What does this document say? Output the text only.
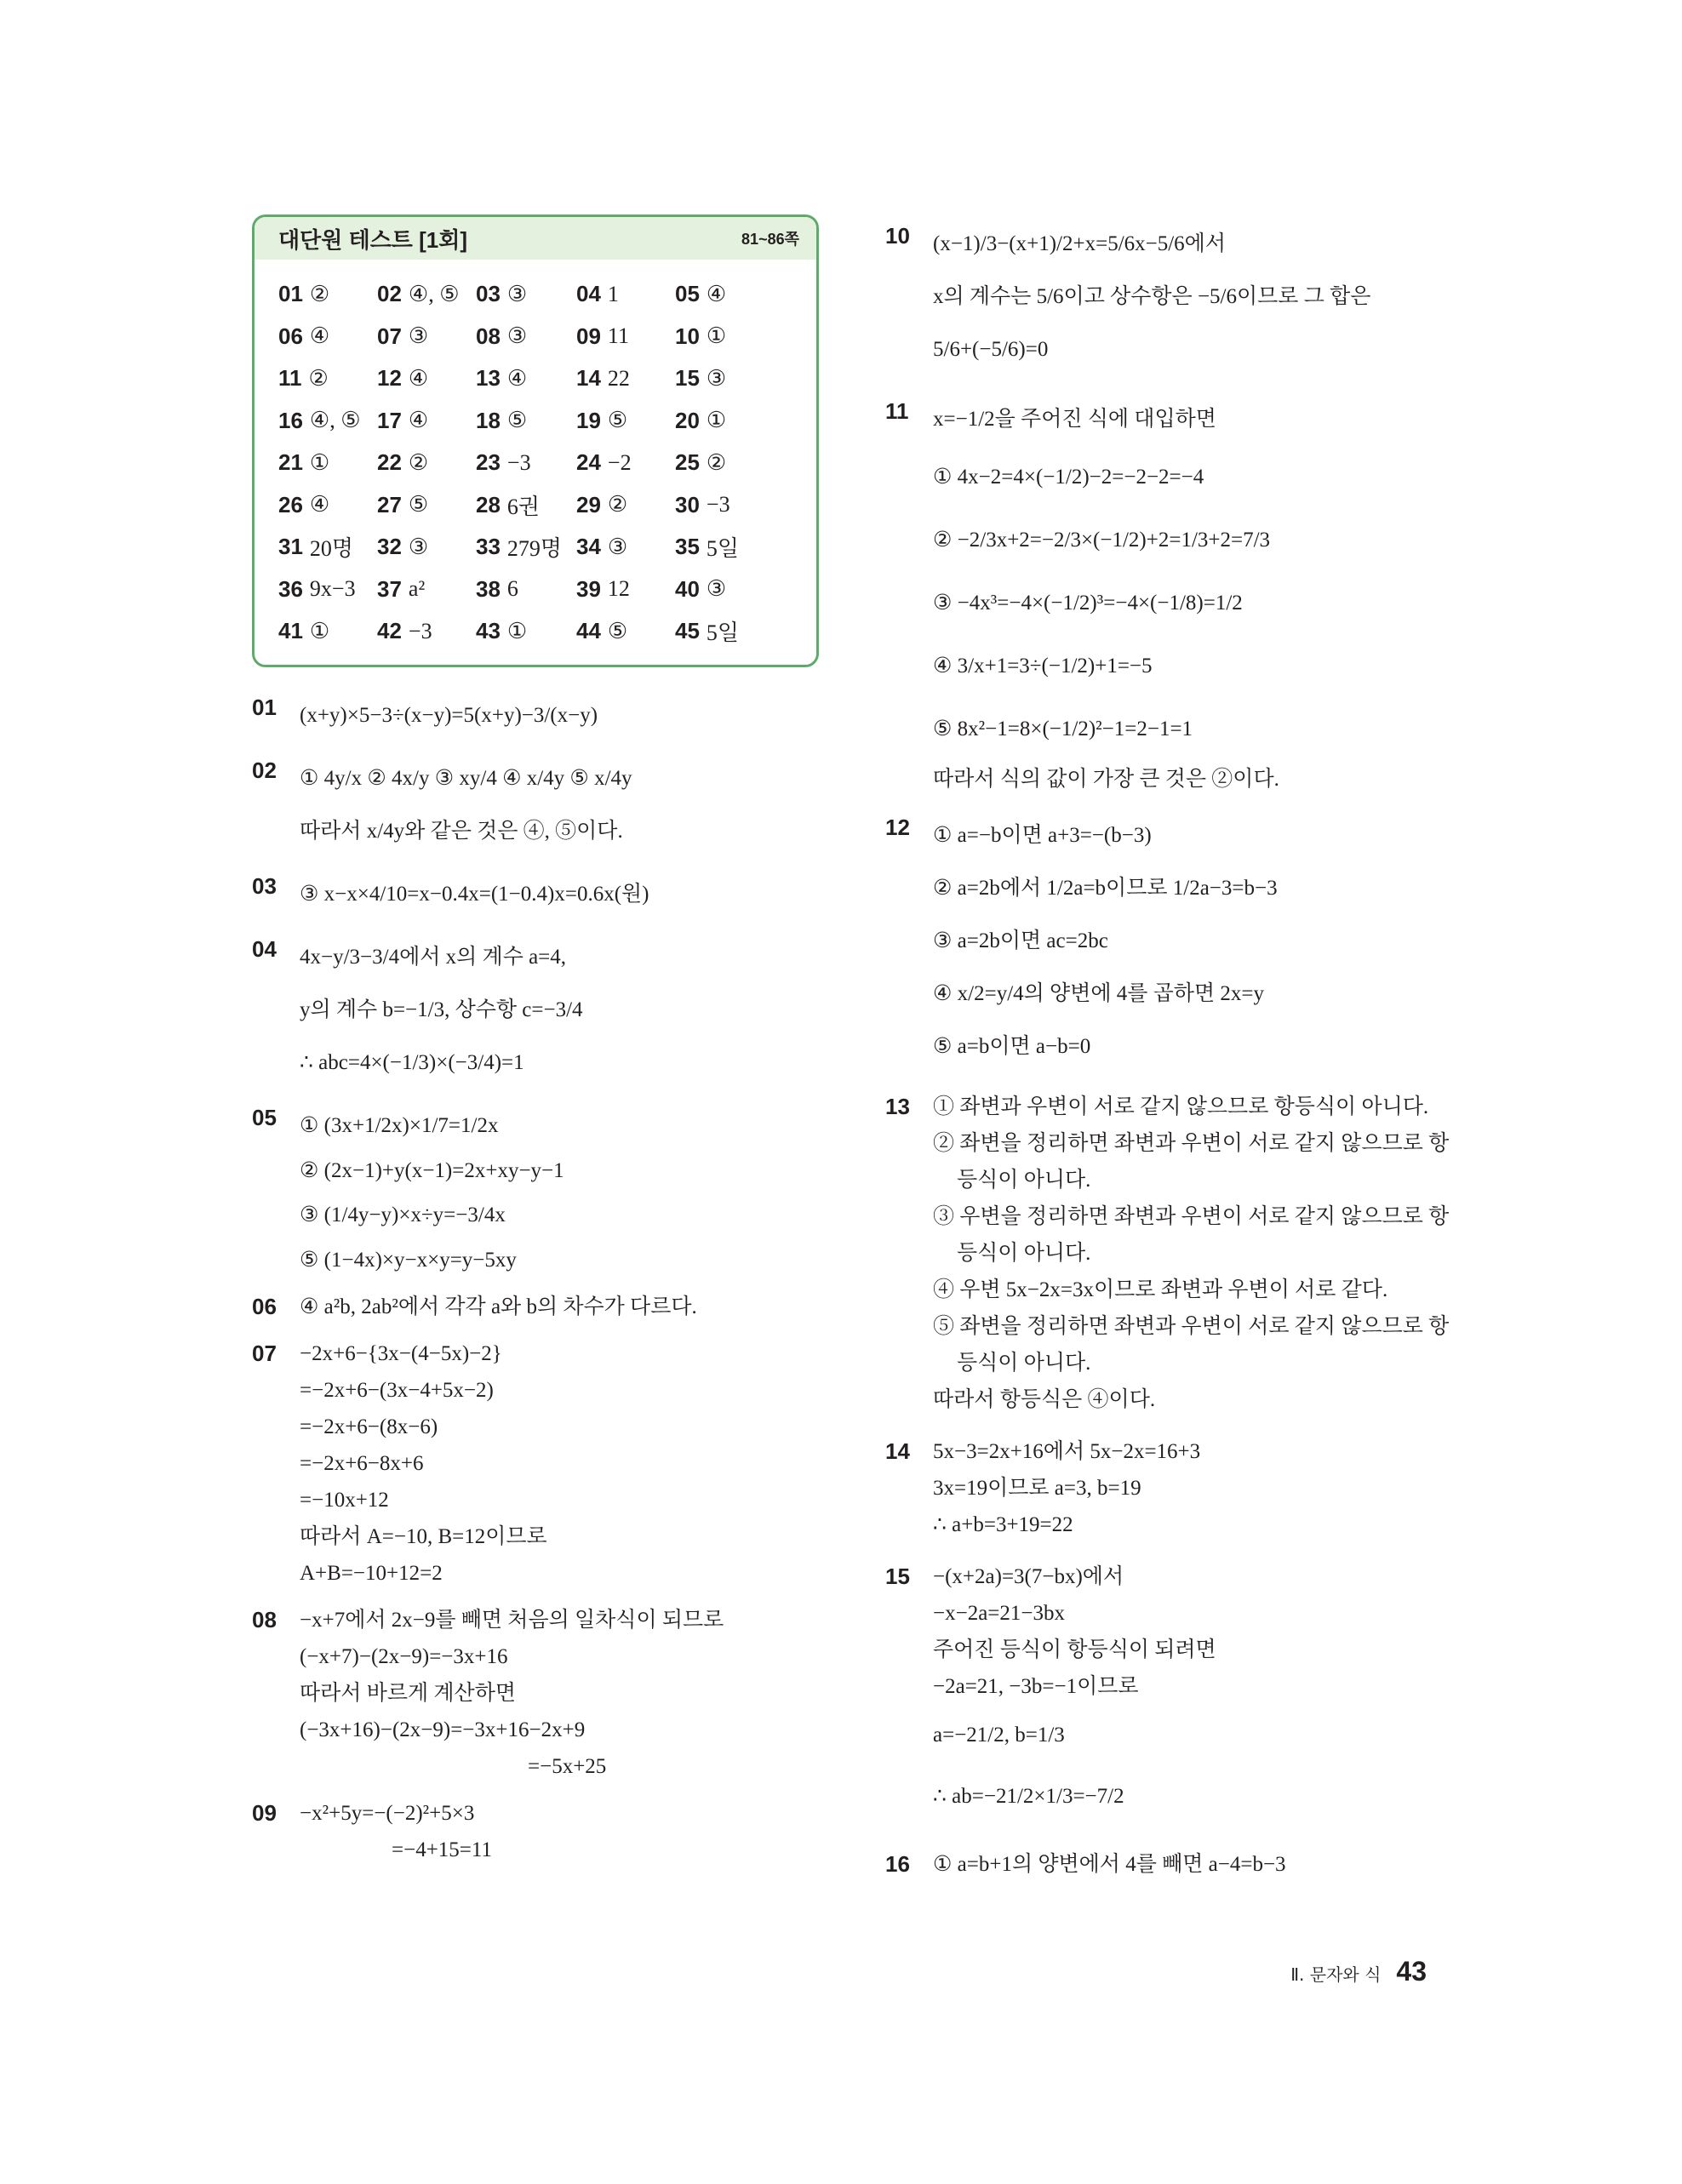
대단원 테스트 [1회]	81~86쪽
01 ② 02 ④, ⑤ 03 ③ 04 1	05 ④
06 ④ 07 ③ 08 ③ 09 11 10 ①
11 ② 12 ④ 13 ④ 14 22 15 ③
16 ④, ⑤ 17 ④ 18 ⑤ 19 ⑤ 20 ①
21 ① 22 ② 23 −3 24 −2 25 ②
26 ④ 27 ⑤ 28 6권 29 ② 30 −3
31 20명 32 ③ 33 279명 34 ③ 35 5일
36 9x−3 37 a² 38 6	39 12 40 ③
41 ① 42 −3 43 ① 44 ⑤ 45 5일
01	(x+y)×5−3÷(x−y)=5(x+y)−3/(x−y)
02	① 4y/x ② 4x/y ③ xy/4 ④ x/4y ⑤ x/4y
따라서 x/4y와 같은 것은 ④, ⑤이다.
03	③ x−x×4/10=x−0.4x=(1−0.4)x=0.6x(원)
04	4x−y/3−3/4에서 x의 계수 a=4,
y의 계수 b=−1/3, 상수항 c=−3/4
∴ abc=4×(−1/3)×(−3/4)=1
05	① (3x+1/2x)×1/7=1/2x
② (2x−1)+y(x−1)=2x+xy−y−1
③ (1/4y−y)×x÷y=−3/4x
⑤ (1−4x)×y−x×y=y−5xy
06	④ a²b, 2ab²에서 각각 a와 b의 차수가 다르다.
07	−2x+6−{3x−(4−5x)−2}
=−2x+6−(3x−4+5x−2)
=−2x+6−(8x−6)
=−2x+6−8x+6
=−10x+12
따라서 A=−10, B=12이므로
A+B=−10+12=2
08	−x+7에서 2x−9를 빼면 처음의 일차식이 되므로
(−x+7)−(2x−9)=−3x+16
따라서 바르게 계산하면
(−3x+16)−(2x−9)=−3x+16−2x+9
=−5x+25
09	−x²+5y=−(−2)²+5×3
=−4+15=11
10	(x−1)/3−(x+1)/2+x=5/6x−5/6에서
x의 계수는 5/6이고 상수항은 −5/6이므로 그 합은
5/6+(−5/6)=0
11	x=−1/2을 주어진 식에 대입하면
① 4x−2=4×(−1/2)−2=−2−2=−4
② −2/3x+2=−2/3×(−1/2)+2=1/3+2=7/3
③ −4x³=−4×(−1/2)³=−4×(−1/8)=1/2
④ 3/x+1=3÷(−1/2)+1=−5
⑤ 8x²−1=8×(−1/2)²−1=2−1=1
따라서 식의 값이 가장 큰 것은 ②이다.
12	① a=−b이면 a+3=−(b−3)
② a=2b에서 1/2a=b이므로 1/2a−3=b−3
③ a=2b이면 ac=2bc
④ x/2=y/4의 양변에 4를 곱하면 2x=y
⑤ a=b이면 a−b=0
13	① 좌변과 우변이 서로 같지 않으므로 항등식이 아니다.
② 좌변을 정리하면 좌변과 우변이 서로 같지 않으므로 항
등식이 아니다.
③ 우변을 정리하면 좌변과 우변이 서로 같지 않으므로 항
등식이 아니다.
④ 우변 5x−2x=3x이므로 좌변과 우변이 서로 같다.
⑤ 좌변을 정리하면 좌변과 우변이 서로 같지 않으므로 항
등식이 아니다.
따라서 항등식은 ④이다.
14	5x−3=2x+16에서 5x−2x=16+3
3x=19이므로 a=3, b=19
∴ a+b=3+19=22
15	−(x+2a)=3(7−bx)에서
−x−2a=21−3bx
주어진 등식이 항등식이 되려면
−2a=21, −3b=−1이므로
a=−21/2, b=1/3
∴ ab=−21/2×1/3=−7/2
16	① a=b+1의 양변에서 4를 빼면 a−4=b−3
Ⅱ. 문자와 식 43
